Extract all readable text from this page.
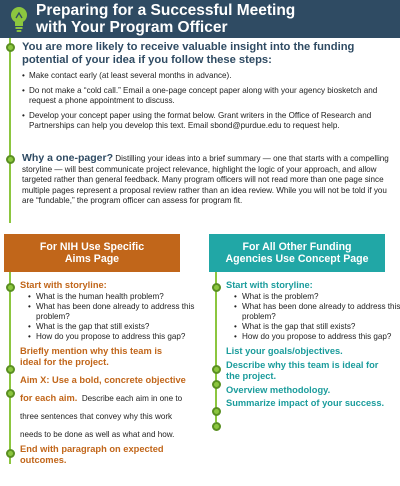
Preparing for a Successful Meeting
with Your Program Officer
You are more likely to receive valuable insight into the funding potential of your idea if you follow these steps:
• Make contact early (at least several months in advance).
• Do not make a “cold call.” Email a one-page concept paper along with your agency biosketch and request a phone appointment to discuss.
• Develop your concept paper using the format below. Grant writers in the Office of Research and Partnerships can help you develop this text. Email sbond@purdue.edu to request help.
Why a one-pager? Distilling your ideas into a brief summary — one that starts with a compelling storyline — will best communicate project relevance, highlight the logic of your approach, and allow targeted rather than general feedback. Many program officers will not read more than one page since multiple pages represent a proposal review rather than an idea review. While you will not be told if you are “fundable,” the program officer can assess for program fit.
For NIH Use Specific
Aims Page
Start with storyline:
• What is the human health problem?
• What has been done already to address this problem?
• What is the gap that still exists?
• How do you propose to address this gap?
Briefly mention why this team is ideal for the project.
Aim X: Use a bold, concrete objective for each aim. Describe each aim in one to three sentences that convey why this work needs to be done as well as what and how.
End with paragraph on expected outcomes.
For All Other Funding
Agencies Use Concept Page
Start with storyline:
• What is the problem?
• What has been done already to address this problem?
• What is the gap that still exists?
• How do you propose to address this gap?
List your goals/objectives.
Describe why this team is ideal for the project.
Overview methodology.
Summarize impact of your success.
